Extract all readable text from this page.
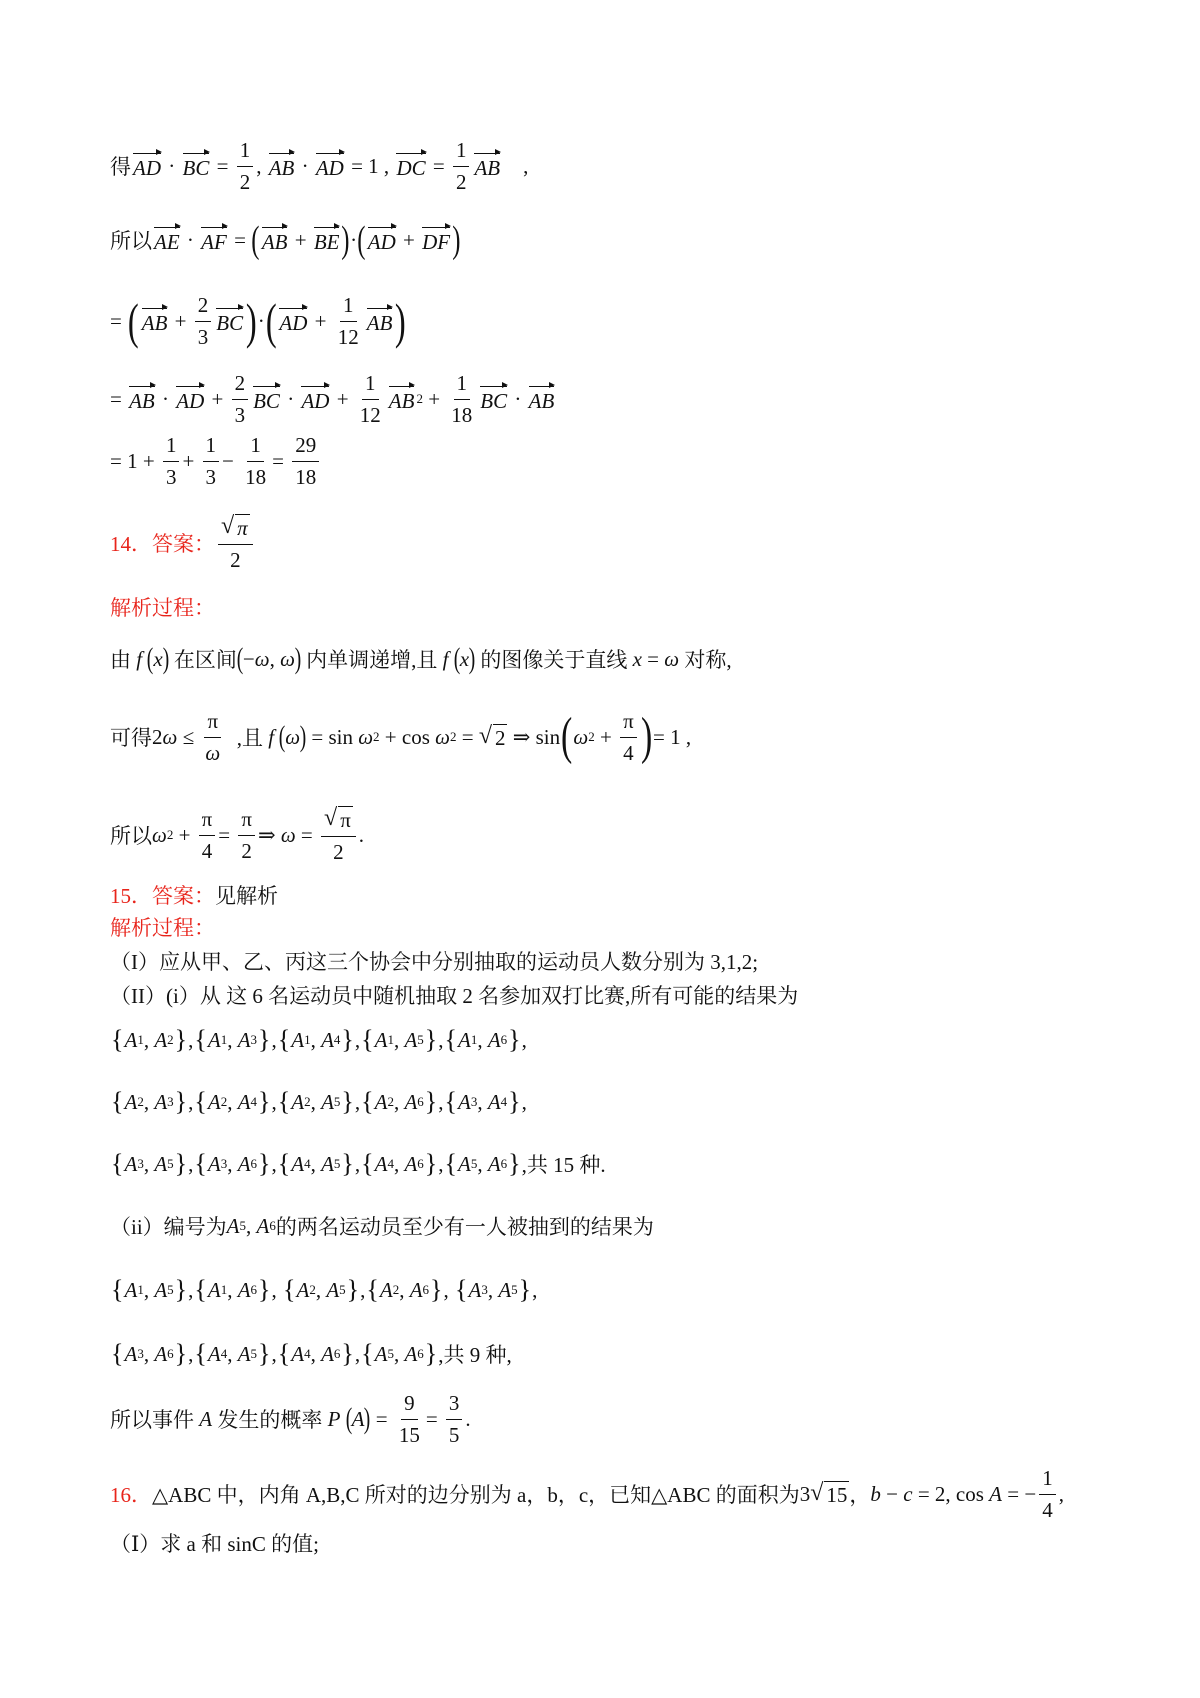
得 AD · BC = $\frac{1}{2}$ , AB · AD = 1 , DC = $\frac{1}{2}$ AB ,
所以 AE · AF = ( AB + BE ) · ( AD + DF )
= ( AB + $\frac{2}{3}$ BC ) · ( AD + $\frac{1}{12}$ AB )
= AB · AD + $\frac{2}{3}$ BC · AD + $\frac{1}{12}$ AB $2 + \frac{1}{18}$ BC · AB
= $1 + \frac{1}{3} + \frac{1}{3} - \frac{1}{18} = \frac{29}{18}$
14．答案： $\frac{√ \pi}{2}$
解析过程：
由
f
( x )
在区间 ( − ω , ω )
内单调递增,且
f
( x )
的图像关于直线
x = ω
对称,
可得 2 $\omega \le \frac{\pi}{\omega}$
,且
f
( ω ) = sin ω 2 + cos ω 2 = √ 2 ⇒ sin ( ω $2 + \frac{\pi}{4}$ ) = 1 ,
所以 ω $2 + \frac{\pi}{4} = \frac{\pi}{2}$ ⇒ $\omega = \frac{√ \pi}{2}$ .
15．答案： 见解析
解析过程：
（I）应从甲、乙、丙这三个协会中分别抽取的运动员人数分别为 3,1,2;
（II）(i）从 这 6 名运动员中随机抽取 2 名参加双打比赛,所有可能的结果为
{ A 1 , A 2 } , { A 1 , A 3 } , { A 1 , A 4 } , { A 1 , A 5 } , { A 1 , A 6 } ,
{ A 2 , A 3 } , { A 2 , A 4 } , { A 2 , A 5 } , { A 2 , A 6 } , { A 3 , A 4 } ,
{ A 3 , A 5 } , { A 3 , A 6 } , { A 4 , A 5 } , { A 4 , A 6 } , { A 5 , A 6 } ,共 15 种.
（ii）编号为 A 5 , A 6 的两名运动员至少有一人被抽到的结果为
{ A 1 , A 5 } , { A 1 , A 6 } , { A 2 , A 5 } , { A 2 , A 6 } , { A 3 , A 5 } ,
{ A 3 , A 6 } , { A 4 , A 5 } , { A 4 , A 6 } , { A 5 , A 6 } ,共 9 种,
所以事件
A
发生的概率
P
( A ) = $\frac{9}{15} = \frac{3}{5}$ .
16． △ABC 中，内角 A,B,C 所对的边分别为 a，b，c，已知△ABC 的面积为 3 √ 15 ， b − c = 2, cos A = − $\frac{1}{4}$ ,
（Ⅰ）求 a 和 sinC 的值;
